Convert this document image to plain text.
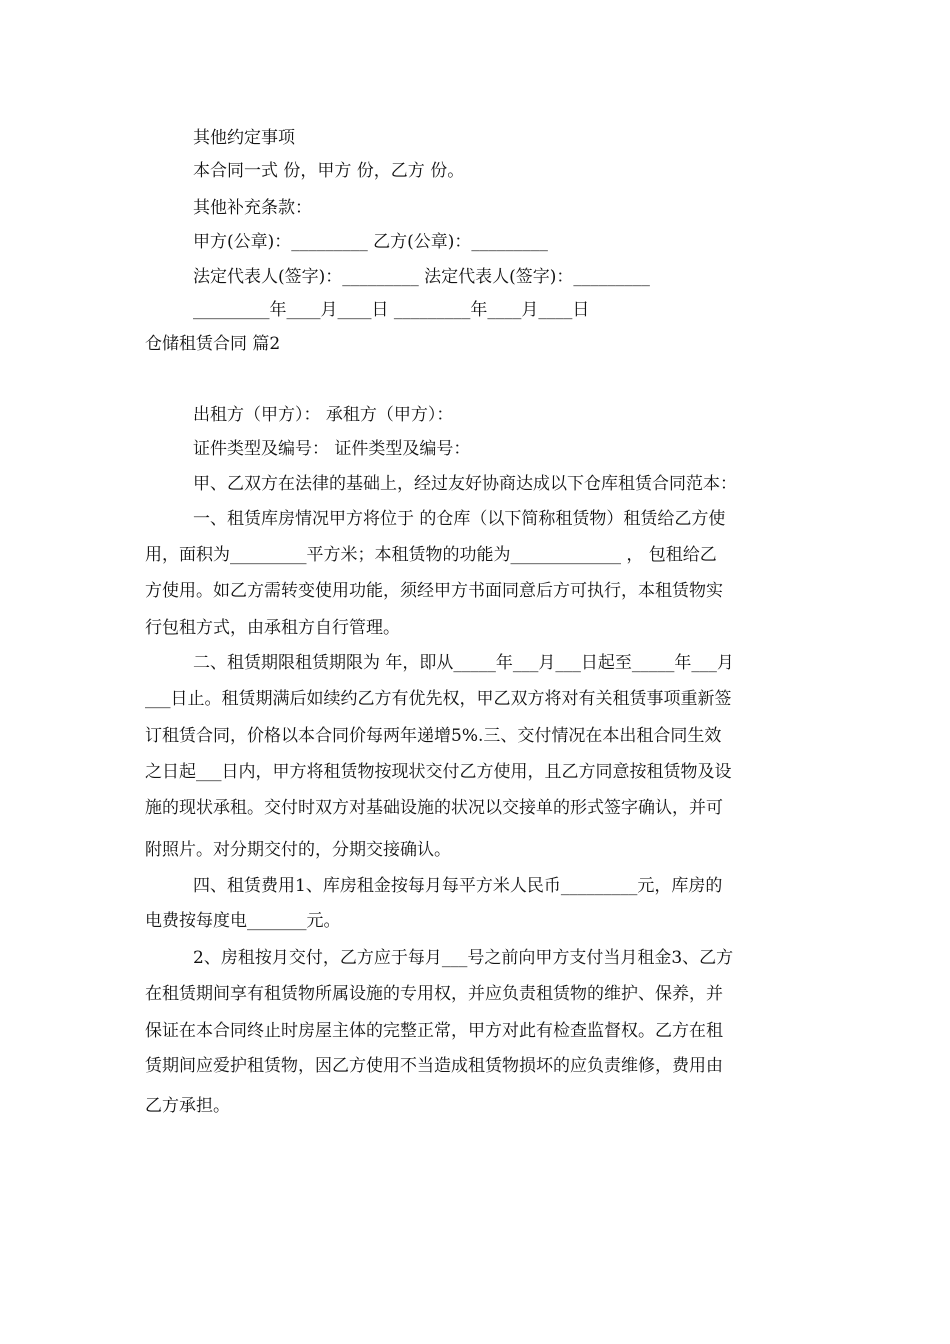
其他约定事项
本合同一式 份，甲方 份，乙方 份。
其他补充条款：
甲方(公章)：_________ 乙方(公章)：_________
法定代表人(签字)：_________ 法定代表人(签字)：_________
_________年____月____日 _________年____月____日
仓储租赁合同 篇2
出租方（甲方）： 承租方（甲方）：
证件类型及编号： 证件类型及编号：
甲、乙双方在法律的基础上，经过友好协商达成以下仓库租赁合同范本：
一、租赁库房情况甲方将位于 的仓库（以下简称租赁物）租赁给乙方使
用，面积为_________平方米；本租赁物的功能为_____________ ， 包租给乙
方使用。如乙方需转变使用功能，须经甲方书面同意后方可执行，本租赁物实
行包租方式，由承租方自行管理。
二、租赁期限租赁期限为 年，即从_____年___月___日起至_____年___月
___日止。租赁期满后如续约乙方有优先权，甲乙双方将对有关租赁事项重新签
订租赁合同，价格以本合同价每两年递增5%.三、交付情况在本出租合同生效
之日起___日内，甲方将租赁物按现状交付乙方使用，且乙方同意按租赁物及设
施的现状承租。交付时双方对基础设施的状况以交接单的形式签字确认，并可
附照片。对分期交付的，分期交接确认。
四、租赁费用1、库房租金按每月每平方米人民币_________元，库房的
电费按每度电_______元。
2、房租按月交付，乙方应于每月___号之前向甲方支付当月租金3、乙方
在租赁期间享有租赁物所属设施的专用权，并应负责租赁物的维护、保养，并
保证在本合同终止时房屋主体的完整正常，甲方对此有检查监督权。乙方在租
赁期间应爱护租赁物，因乙方使用不当造成租赁物损坏的应负责维修，费用由
乙方承担。
